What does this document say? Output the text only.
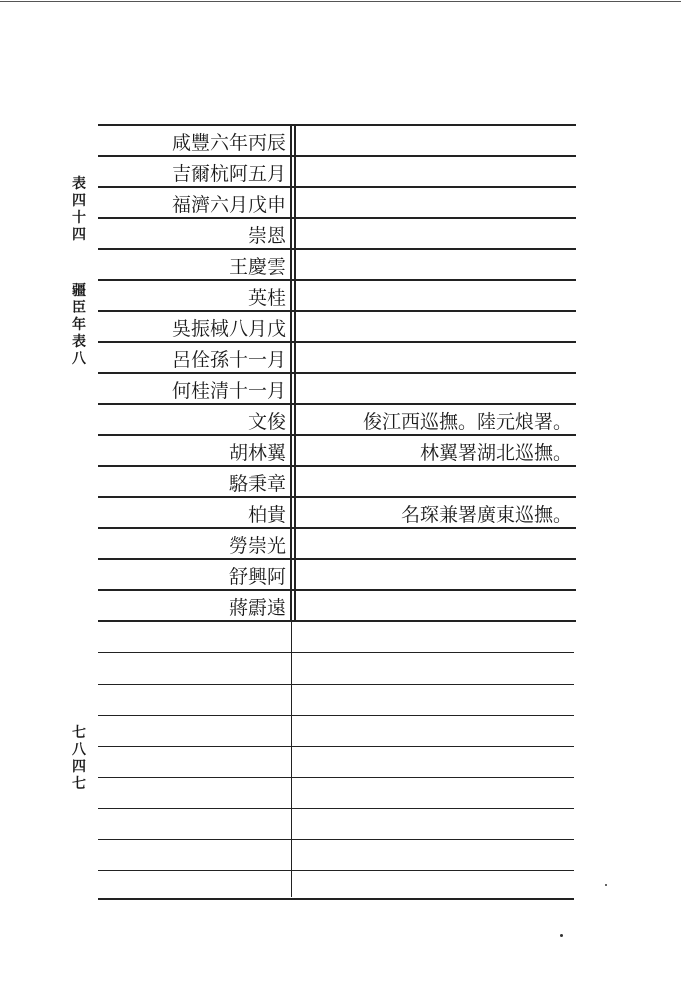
表四十四
疆臣年表八
七八四七
咸豐六年丙辰
吉爾杭阿五月
福濟六月戊申
崇恩
王慶雲
英桂
吳振棫八月戊
呂佺孫十一月
何桂清十一月
文俊	俊江西巡撫。陸元烺署。
胡林翼	林翼署湖北巡撫。
駱秉章
柏貴	名琛兼署廣東巡撫。
勞崇光
舒興阿
蔣霨遠
